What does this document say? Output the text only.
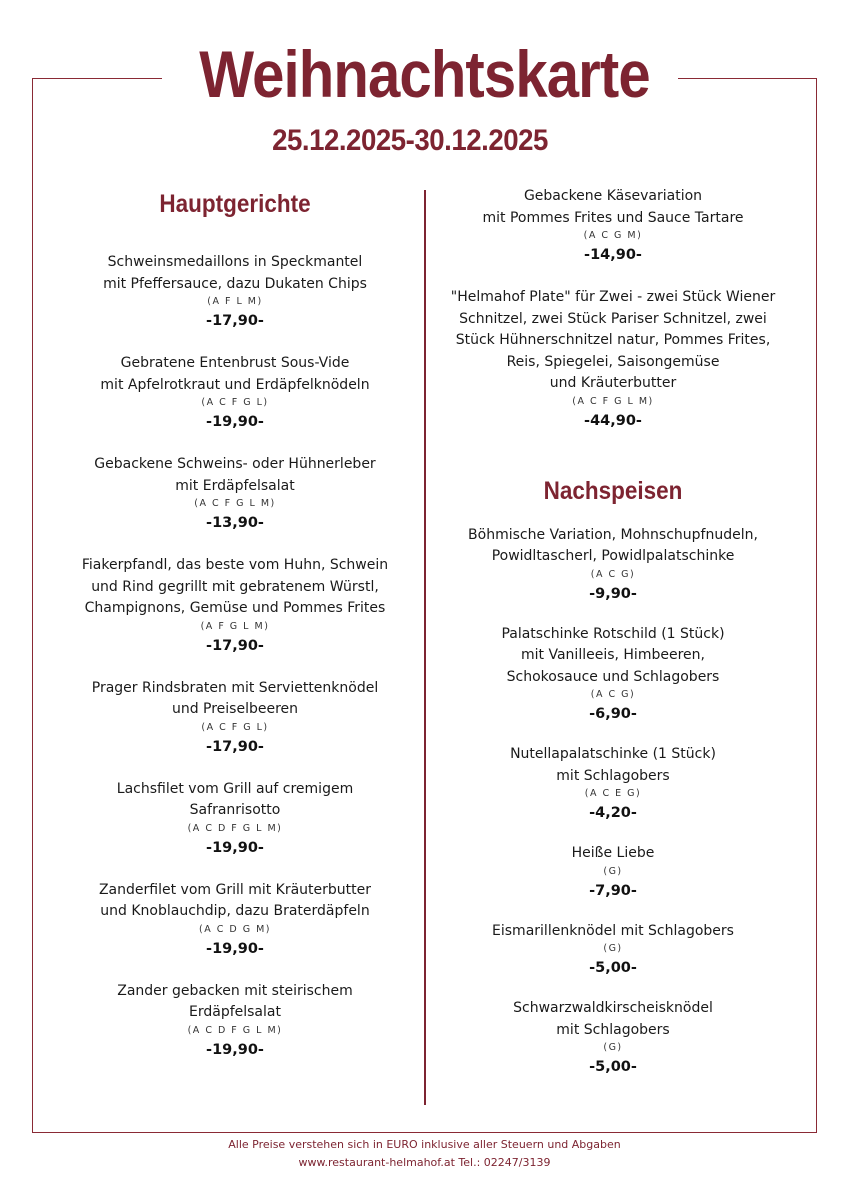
Weihnachtskarte
25.12.2025-30.12.2025
Hauptgerichte
Schweinsmedaillons in Speckmantel
mit Pfeffersauce, dazu Dukaten Chips
(A F L M)
-17,90-
Gebratene Entenbrust Sous-Vide
mit Apfelrotkraut und Erdäpfelknödeln
(A C F G L)
-19,90-
Gebackene Schweins- oder Hühnerleber
mit Erdäpfelsalat
(A C F G L M)
-13,90-
Fiakerpfandl, das beste vom Huhn, Schwein
und Rind gegrillt mit gebratenem Würstl,
Champignons, Gemüse und Pommes Frites
(A F G L M)
-17,90-
Prager Rindsbraten mit Serviettenknödel
und Preiselbeeren
(A C F G L)
-17,90-
Lachsfilet vom Grill auf cremigem
Safranrisotto
(A C D F G L M)
-19,90-
Zanderfilet vom Grill mit Kräuterbutter
und Knoblauchdip, dazu Braterdäpfeln
(A C D G M)
-19,90-
Zander gebacken mit steirischem
Erdäpfelsalat
(A C D F G L M)
-19,90-
Gebackene Käsevariation
mit Pommes Frites und Sauce Tartare
(A C G M)
-14,90-
"Helmahof Plate" für Zwei - zwei Stück Wiener
Schnitzel, zwei Stück Pariser Schnitzel, zwei
Stück Hühnerschnitzel natur, Pommes Frites,
Reis, Spiegelei, Saisongemüse
und Kräuterbutter
(A C F G L M)
-44,90-
Nachspeisen
Böhmische Variation, Mohnschupfnudeln,
Powidltascherl, Powidlpalatschinke
(A C G)
-9,90-
Palatschinke Rotschild (1 Stück)
mit Vanilleeis, Himbeeren,
Schokosauce und Schlagobers
(A C G)
-6,90-
Nutellapalatschinke (1 Stück)
mit Schlagobers
(A C E G)
-4,20-
Heiße Liebe
(G)
-7,90-
Eismarillenknödel mit Schlagobers
(G)
-5,00-
Schwarzwaldkirscheisknödel
mit Schlagobers
(G)
-5,00-
Alle Preise verstehen sich in EURO inklusive aller Steuern und Abgaben
www.restaurant-helmahof.at Tel.: 02247/3139
